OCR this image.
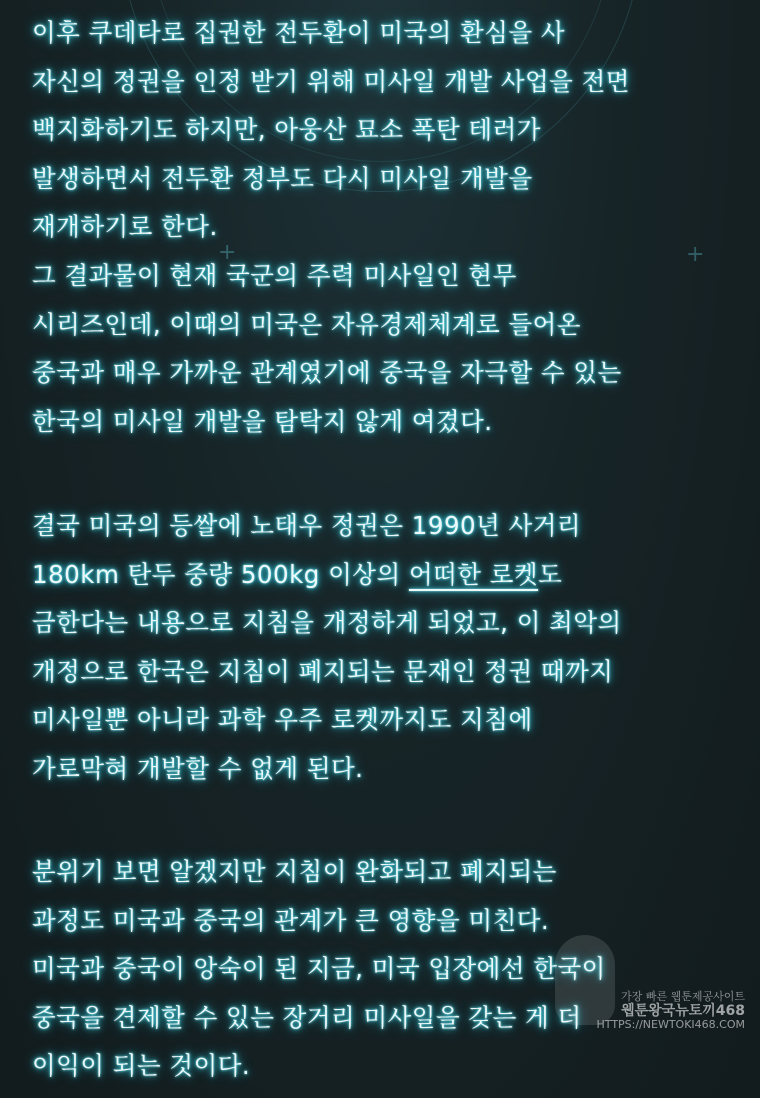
+	+
이후 쿠데타로 집권한 전두환이 미국의 환심을 사
자신의 정권을 인정 받기 위해 미사일 개발 사업을 전면
백지화하기도 하지만, 아웅산 묘소 폭탄 테러가
발생하면서 전두환 정부도 다시 미사일 개발을
재개하기로 한다.
그 결과물이 현재 국군의 주력 미사일인 현무
시리즈인데, 이때의 미국은 자유경제체계로 들어온
중국과 매우 가까운 관계였기에 중국을 자극할 수 있는
한국의 미사일 개발을 탐탁지 않게 여겼다.
결국 미국의 등쌀에 노태우 정권은 1990년 사거리
180km 탄두 중량 500kg 이상의 어떠한 로켓도
금한다는 내용으로 지침을 개정하게 되었고, 이 최악의
개정으로 한국은 지침이 폐지되는 문재인 정권 때까지
미사일뿐 아니라 과학 우주 로켓까지도 지침에
가로막혀 개발할 수 없게 된다.
분위기 보면 알겠지만 지침이 완화되고 폐지되는
과정도 미국과 중국의 관계가 큰 영향을 미친다.
미국과 중국이 앙숙이 된 지금, 미국 입장에선 한국이
중국을 견제할 수 있는 장거리 미사일을 갖는 게 더
이익이 되는 것이다.
가장 빠른 웹툰제공사이트
웹툰왕국뉴토끼468
HTTPS://NEWTOKI468.COM
